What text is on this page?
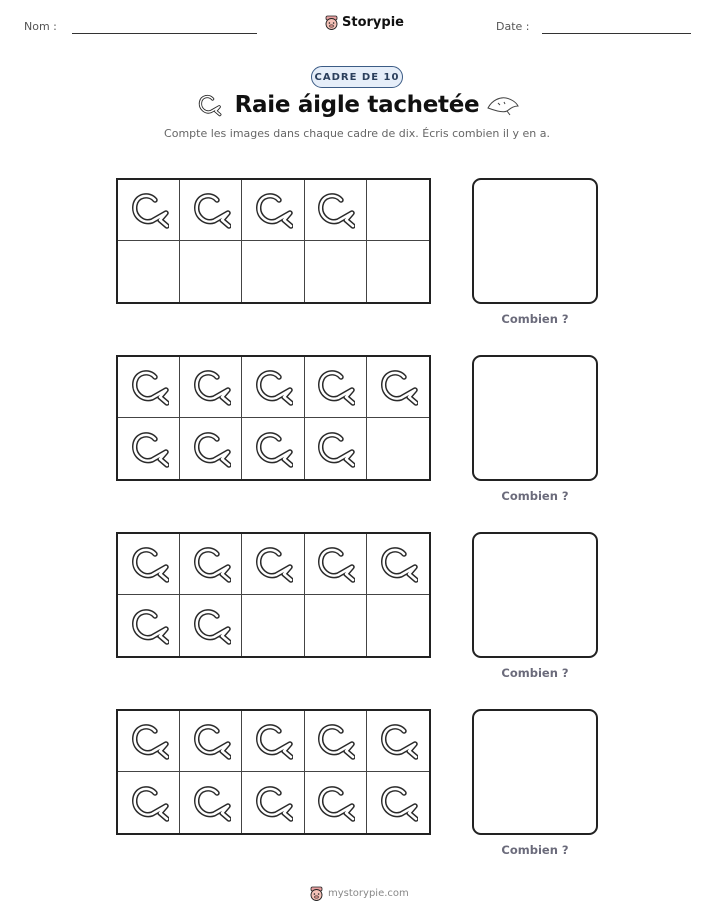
Nom :	Date :
Storypie
CADRE DE 10
Raie áigle tachetée
Compte les images dans chaque cadre de dix. Écris combien il y en a.
Combien ?
Combien ?
Combien ?
Combien ?
mystorypie.com
